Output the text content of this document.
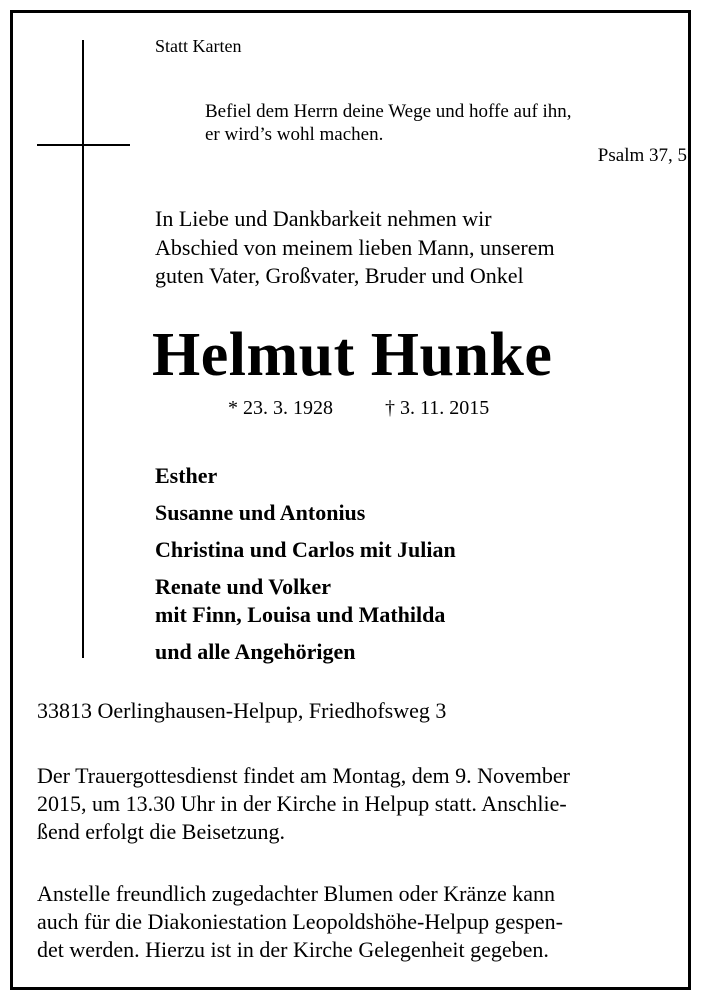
Statt Karten

Befiel dem Herrn deine Wege und hoffe auf ihn,
er wird’s wohl machen.

Psalm 37, 5

In Liebe und Dankbarkeit nehmen wir
Abschied von meinem lieben Mann, unserem
guten Vater, Großvater, Bruder und Onkel

Helmut Hunke

* 23. 3. 1928	† 3. 11. 2015

Esther
Susanne und Antonius
Christina und Carlos mit Julian
Renate und Volker
mit Finn, Louisa und Mathilda
und alle Angehörigen

33813 Oerlinghausen-Helpup, Friedhofsweg 3

Der Trauergottesdienst findet am Montag, dem 9. November
2015, um 13.30 Uhr in der Kirche in Helpup statt. Anschlie-
ßend erfolgt die Beisetzung.
Anstelle freundlich zugedachter Blumen oder Kränze kann
auch für die Diakoniestation Leopoldshöhe-Helpup gespen-
det werden. Hierzu ist in der Kirche Gelegenheit gegeben.
